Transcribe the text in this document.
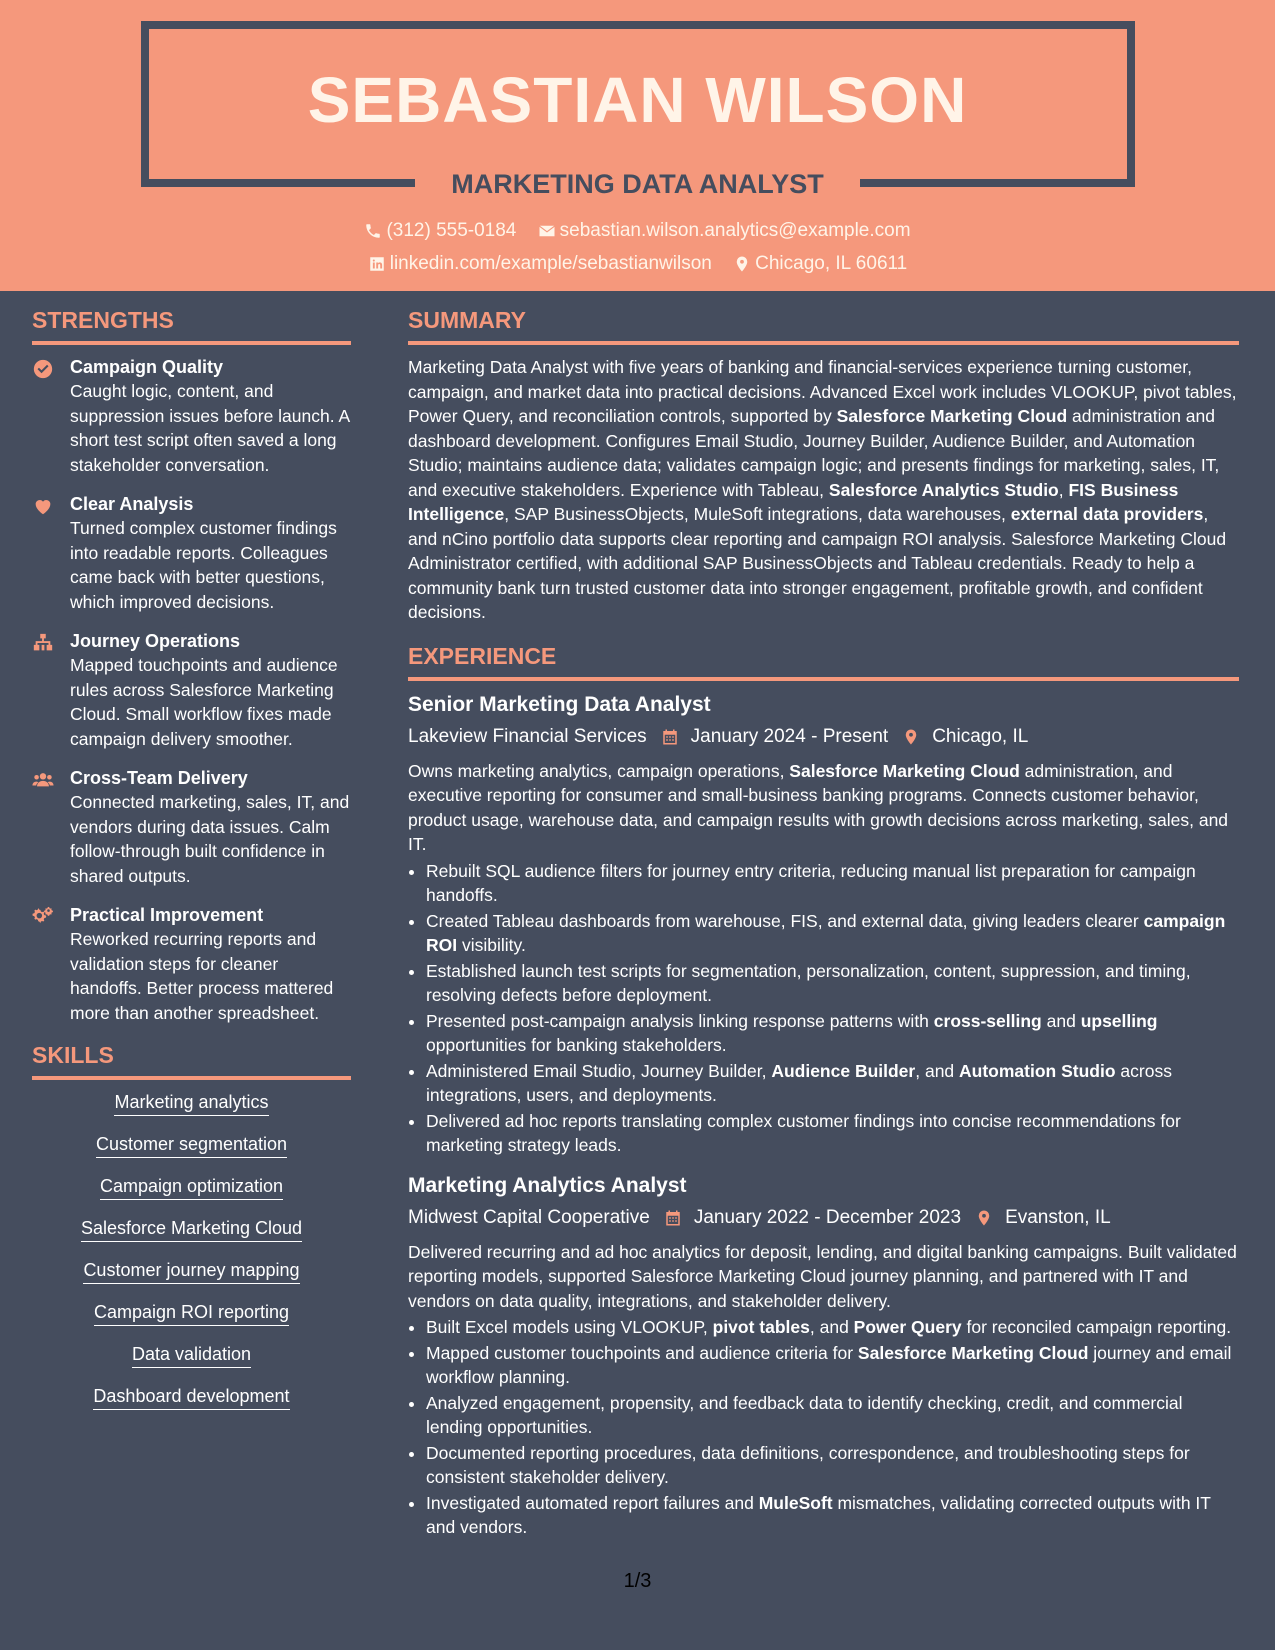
SEBASTIAN WILSON
MARKETING DATA ANALYST
(312) 555-0184
sebastian.wilson.analytics@example.com
linkedin.com/example/sebastianwilson
Chicago, IL 60611
STRENGTHS
Campaign Quality
Caught logic, content, and suppression issues before launch. A short test script often saved a long stakeholder conversation.
Clear Analysis
Turned complex customer findings into readable reports. Colleagues came back with better questions, which improved decisions.
Journey Operations
Mapped touchpoints and audience rules across Salesforce Marketing Cloud. Small workflow fixes made campaign delivery smoother.
Cross-Team Delivery
Connected marketing, sales, IT, and vendors during data issues. Calm follow-through built confidence in shared outputs.
Practical Improvement
Reworked recurring reports and validation steps for cleaner handoffs. Better process mattered more than another spreadsheet.
SKILLS
Marketing analytics
Customer segmentation
Campaign optimization
Salesforce Marketing Cloud
Customer journey mapping
Campaign ROI reporting
Data validation
Dashboard development
SUMMARY
Marketing Data Analyst with five years of banking and financial-services experience turning customer, campaign, and market data into practical decisions. Advanced Excel work includes VLOOKUP, pivot tables, Power Query, and reconciliation controls, supported by Salesforce Marketing Cloud administration and dashboard development. Configures Email Studio, Journey Builder, Audience Builder, and Automation Studio; maintains audience data; validates campaign logic; and presents findings for marketing, sales, IT, and executive stakeholders. Experience with Tableau, Salesforce Analytics Studio, FIS Business Intelligence, SAP BusinessObjects, MuleSoft integrations, data warehouses, external data providers, and nCino portfolio data supports clear reporting and campaign ROI analysis. Salesforce Marketing Cloud Administrator certified, with additional SAP BusinessObjects and Tableau credentials. Ready to help a community bank turn trusted customer data into stronger engagement, profitable growth, and confident decisions.
EXPERIENCE
Senior Marketing Data Analyst
Lakeview Financial Services January 2024 - Present Chicago, IL
Owns marketing analytics, campaign operations, Salesforce Marketing Cloud administration, and executive reporting for consumer and small-business banking programs. Connects customer behavior, product usage, warehouse data, and campaign results with growth decisions across marketing, sales, and IT.
• Rebuilt SQL audience filters for journey entry criteria, reducing manual list preparation for campaign handoffs.
• Created Tableau dashboards from warehouse, FIS, and external data, giving leaders clearer campaign ROI visibility.
• Established launch test scripts for segmentation, personalization, content, suppression, and timing, resolving defects before deployment.
• Presented post-campaign analysis linking response patterns with cross-selling and upselling opportunities for banking stakeholders.
• Administered Email Studio, Journey Builder, Audience Builder, and Automation Studio across integrations, users, and deployments.
• Delivered ad hoc reports translating complex customer findings into concise recommendations for marketing strategy leads.
Marketing Analytics Analyst
Midwest Capital Cooperative January 2022 - December 2023 Evanston, IL
Delivered recurring and ad hoc analytics for deposit, lending, and digital banking campaigns. Built validated reporting models, supported Salesforce Marketing Cloud journey planning, and partnered with IT and vendors on data quality, integrations, and stakeholder delivery.
• Built Excel models using VLOOKUP, pivot tables, and Power Query for reconciled campaign reporting.
• Mapped customer touchpoints and audience criteria for Salesforce Marketing Cloud journey and email workflow planning.
• Analyzed engagement, propensity, and feedback data to identify checking, credit, and commercial lending opportunities.
• Documented reporting procedures, data definitions, correspondence, and troubleshooting steps for consistent stakeholder delivery.
• Investigated automated report failures and MuleSoft mismatches, validating corrected outputs with IT and vendors.
1/3
